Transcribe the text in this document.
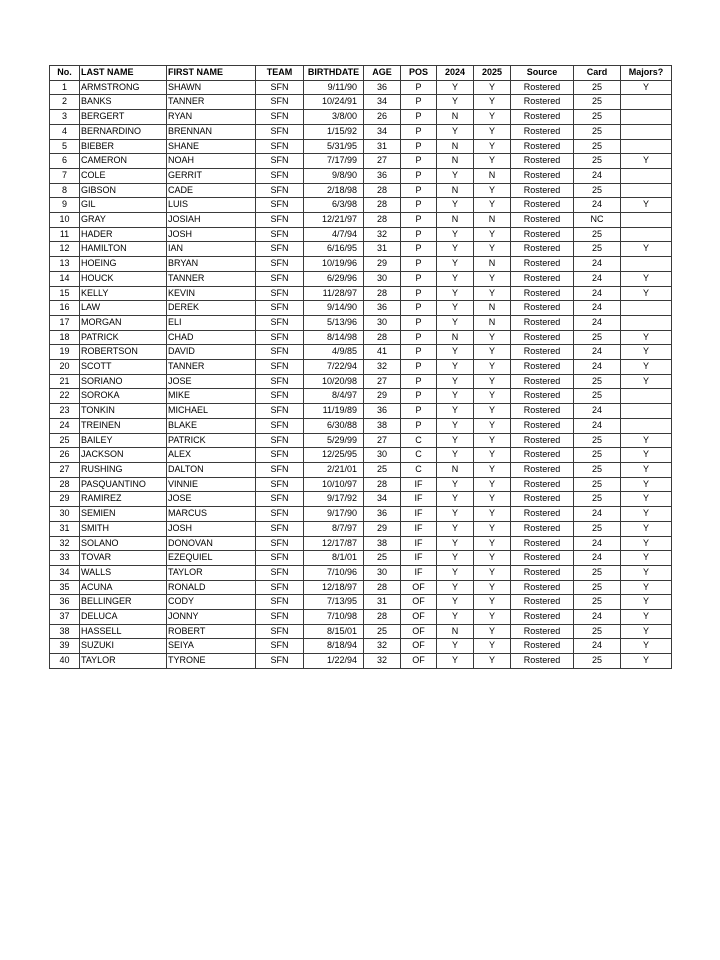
No.	LAST NAME	FIRST NAME	TEAM	BIRTHDATE	AGE	POS	2024	2025	Source	Card	Majors?
1	ARMSTRONG	SHAWN	SFN	9/11/90	36	P	Y	Y	Rostered	25	Y
2	BANKS	TANNER	SFN	10/24/91	34	P	Y	Y	Rostered	25	
3	BERGERT	RYAN	SFN	3/8/00	26	P	N	Y	Rostered	25	
4	BERNARDINO	BRENNAN	SFN	1/15/92	34	P	Y	Y	Rostered	25	
5	BIEBER	SHANE	SFN	5/31/95	31	P	N	Y	Rostered	25	
6	CAMERON	NOAH	SFN	7/17/99	27	P	N	Y	Rostered	25	Y
7	COLE	GERRIT	SFN	9/8/90	36	P	Y	N	Rostered	24	
8	GIBSON	CADE	SFN	2/18/98	28	P	N	Y	Rostered	25	
9	GIL	LUIS	SFN	6/3/98	28	P	Y	Y	Rostered	24	Y
10	GRAY	JOSIAH	SFN	12/21/97	28	P	N	N	Rostered	NC	
11	HADER	JOSH	SFN	4/7/94	32	P	Y	Y	Rostered	25	
12	HAMILTON	IAN	SFN	6/16/95	31	P	Y	Y	Rostered	25	Y
13	HOEING	BRYAN	SFN	10/19/96	29	P	Y	N	Rostered	24	
14	HOUCK	TANNER	SFN	6/29/96	30	P	Y	Y	Rostered	24	Y
15	KELLY	KEVIN	SFN	11/28/97	28	P	Y	Y	Rostered	24	Y
16	LAW	DEREK	SFN	9/14/90	36	P	Y	N	Rostered	24	
17	MORGAN	ELI	SFN	5/13/96	30	P	Y	N	Rostered	24	
18	PATRICK	CHAD	SFN	8/14/98	28	P	N	Y	Rostered	25	Y
19	ROBERTSON	DAVID	SFN	4/9/85	41	P	Y	Y	Rostered	24	Y
20	SCOTT	TANNER	SFN	7/22/94	32	P	Y	Y	Rostered	24	Y
21	SORIANO	JOSE	SFN	10/20/98	27	P	Y	Y	Rostered	25	Y
22	SOROKA	MIKE	SFN	8/4/97	29	P	Y	Y	Rostered	25	
23	TONKIN	MICHAEL	SFN	11/19/89	36	P	Y	Y	Rostered	24	
24	TREINEN	BLAKE	SFN	6/30/88	38	P	Y	Y	Rostered	24	
25	BAILEY	PATRICK	SFN	5/29/99	27	C	Y	Y	Rostered	25	Y
26	JACKSON	ALEX	SFN	12/25/95	30	C	Y	Y	Rostered	25	Y
27	RUSHING	DALTON	SFN	2/21/01	25	C	N	Y	Rostered	25	Y
28	PASQUANTINO	VINNIE	SFN	10/10/97	28	IF	Y	Y	Rostered	25	Y
29	RAMIREZ	JOSE	SFN	9/17/92	34	IF	Y	Y	Rostered	25	Y
30	SEMIEN	MARCUS	SFN	9/17/90	36	IF	Y	Y	Rostered	24	Y
31	SMITH	JOSH	SFN	8/7/97	29	IF	Y	Y	Rostered	25	Y
32	SOLANO	DONOVAN	SFN	12/17/87	38	IF	Y	Y	Rostered	24	Y
33	TOVAR	EZEQUIEL	SFN	8/1/01	25	IF	Y	Y	Rostered	24	Y
34	WALLS	TAYLOR	SFN	7/10/96	30	IF	Y	Y	Rostered	25	Y
35	ACUNA	RONALD	SFN	12/18/97	28	OF	Y	Y	Rostered	25	Y
36	BELLINGER	CODY	SFN	7/13/95	31	OF	Y	Y	Rostered	25	Y
37	DELUCA	JONNY	SFN	7/10/98	28	OF	Y	Y	Rostered	24	Y
38	HASSELL	ROBERT	SFN	8/15/01	25	OF	N	Y	Rostered	25	Y
39	SUZUKI	SEIYA	SFN	8/18/94	32	OF	Y	Y	Rostered	24	Y
40	TAYLOR	TYRONE	SFN	1/22/94	32	OF	Y	Y	Rostered	25	Y
